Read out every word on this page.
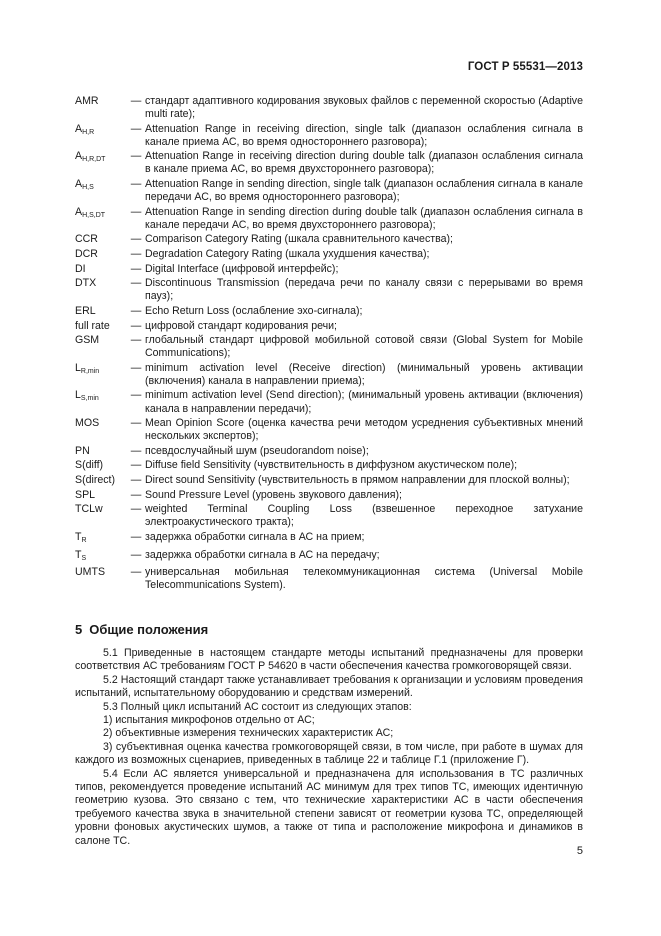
ГОСТ Р 55531—2013
AMR	— стандарт адаптивного кодирования звуковых файлов с переменной скоростью (Adaptive multi rate);
$A_{H,R}$	— Attenuation Range in receiving direction, single talk (диапазон ослабления сигнала в канале приема АС, во время одностороннего разговора);
$A_{H,R,DT}$	— Attenuation Range in receiving direction during double talk (диапазон ослабления сигнала в канале приема АС, во время двухстороннего разговора);
$A_{H,S}$	— Attenuation Range in sending direction, single talk (диапазон ослабления сигнала в канале передачи АС, во время одностороннего разговора);
$A_{H,S,DT}$	— Attenuation Range in sending direction during double talk (диапазон ослабления сигнала в канале передачи АС, во время двухстороннего разговора);
CCR	— Comparison Category Rating (шкала сравнительного качества);
DCR	— Degradation Category Rating (шкала ухудшения качества);
DI	— Digital Interface (цифровой интерфейс);
DTX	— Discontinuous Transmission (передача речи по каналу связи с перерывами во время пауз);
ERL	— Echo Return Loss (ослабление эхо-сигнала);
full rate	— цифровой стандарт кодирования речи;
GSM	— глобальный стандарт цифровой мобильной сотовой связи (Global System for Mobile Communications);
$L_{R,min}$	— minimum activation level (Receive direction) (минимальный уровень активации (включения) канала в направлении приема);
$L_{S,min}$	— minimum activation level (Send direction); (минимальный уровень активации (включения) канала в направлении передачи);
MOS	— Mean Opinion Score (оценка качества речи методом усреднения субъективных мнений нескольких экспертов);
PN	— псевдослучайный шум (pseudorandom noise);
S(diff)	— Diffuse field Sensitivity (чувствительность в диффузном акустическом поле);
S(direct)	— Direct sound Sensitivity (чувствительность в прямом направлении для плоской волны);
SPL	— Sound Pressure Level (уровень звукового давления);
TCLw	— weighted Terminal Coupling Loss (взвешенное переходное затухание электроакустического тракта);
$T_R$	— задержка обработки сигнала в АС на прием;
$T_S$	— задержка обработки сигнала в АС на передачу;
UMTS	— универсальная мобильная телекоммуникационная система (Universal Mobile Telecommunications System).
5 Общие положения

5.1 Приведенные в настоящем стандарте методы испытаний предназначены для проверки соответствия АС требованиям ГОСТ Р 54620 в части обеспечения качества громкоговорящей связи.

5.2 Настоящий стандарт также устанавливает требования к организации и условиям проведения испытаний, испытательному оборудованию и средствам измерений.

5.3 Полный цикл испытаний АС состоит из следующих этапов:

1) испытания микрофонов отдельно от АС;

2) объективные измерения технических характеристик АС;

3) субъективная оценка качества громкоговорящей связи, в том числе, при работе в шумах для каждого из возможных сценариев, приведенных в таблице 22 и таблице Г.1 (приложение Г).

5.4 Если АС является универсальной и предназначена для использования в ТС различных типов, рекомендуется проведение испытаний АС минимум для трех типов ТС, имеющих идентичную геометрию кузова. Это связано с тем, что технические характеристики АС в части обеспечения требуемого качества звука в значительной степени зависят от геометрии кузова ТС, определяющей уровни фоновых акустических шумов, а также от типа и расположение микрофона и динамиков в салоне ТС.

5
